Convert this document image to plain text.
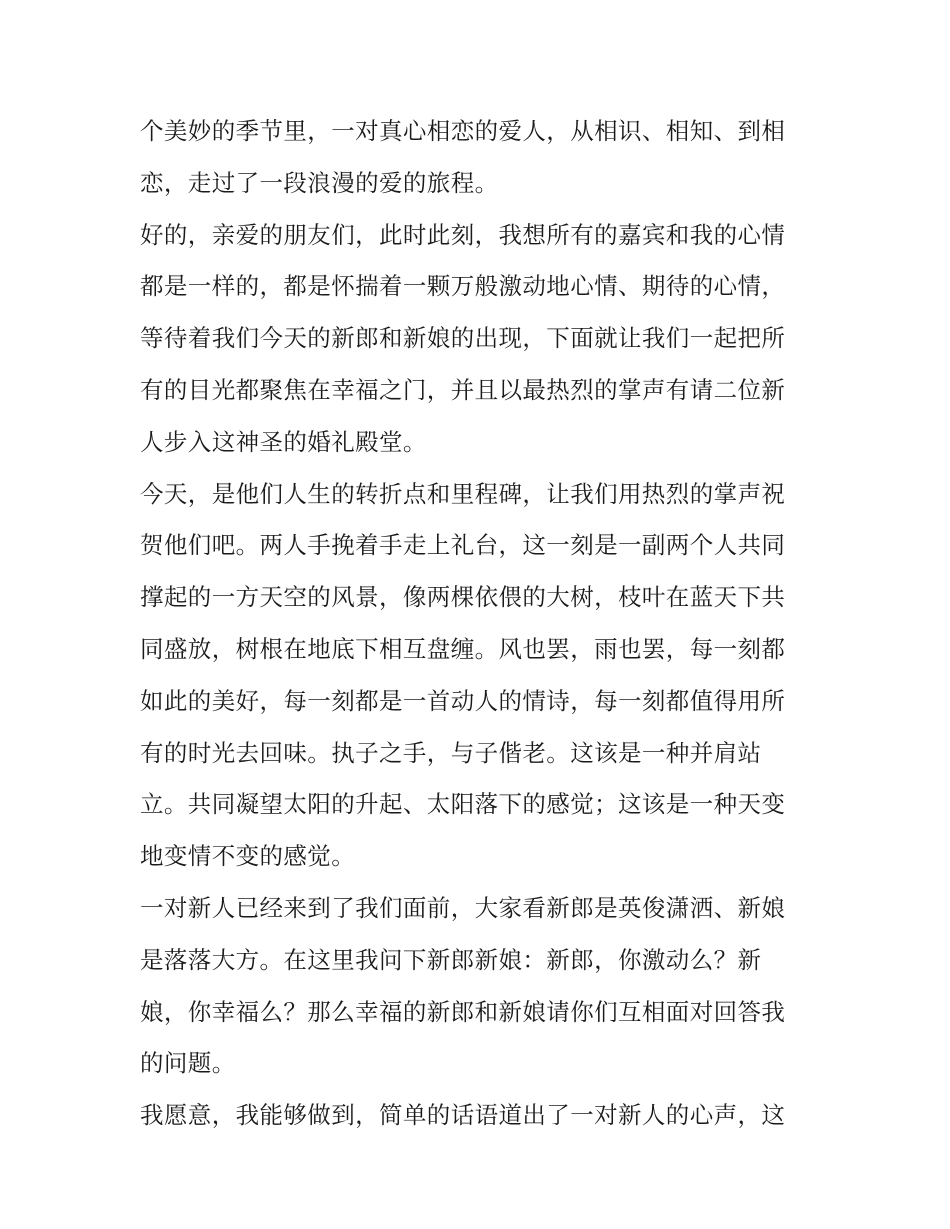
个美妙的季节里，一对真心相恋的爱人，从相识、相知、到相
恋，走过了一段浪漫的爱的旅程。
好的，亲爱的朋友们，此时此刻，我想所有的嘉宾和我的心情
都是一样的，都是怀揣着一颗万般激动地心情、期待的心情，
等待着我们今天的新郎和新娘的出现，下面就让我们一起把所
有的目光都聚焦在幸福之门，并且以最热烈的掌声有请二位新
人步入这神圣的婚礼殿堂。
今天，是他们人生的转折点和里程碑，让我们用热烈的掌声祝
贺他们吧。两人手挽着手走上礼台，这一刻是一副两个人共同
撑起的一方天空的风景，像两棵依偎的大树，枝叶在蓝天下共
同盛放，树根在地底下相互盘缠。风也罢，雨也罢，每一刻都
如此的美好，每一刻都是一首动人的情诗，每一刻都值得用所
有的时光去回味。执子之手，与子偕老。这该是一种并肩站
立。共同凝望太阳的升起、太阳落下的感觉；这该是一种天变
地变情不变的感觉。
一对新人已经来到了我们面前，大家看新郎是英俊潇洒、新娘
是落落大方。在这里我问下新郎新娘：新郎，你激动么？新
娘，你幸福么？那么幸福的新郎和新娘请你们互相面对回答我
的问题。
我愿意，我能够做到，简单的话语道出了一对新人的心声，这
